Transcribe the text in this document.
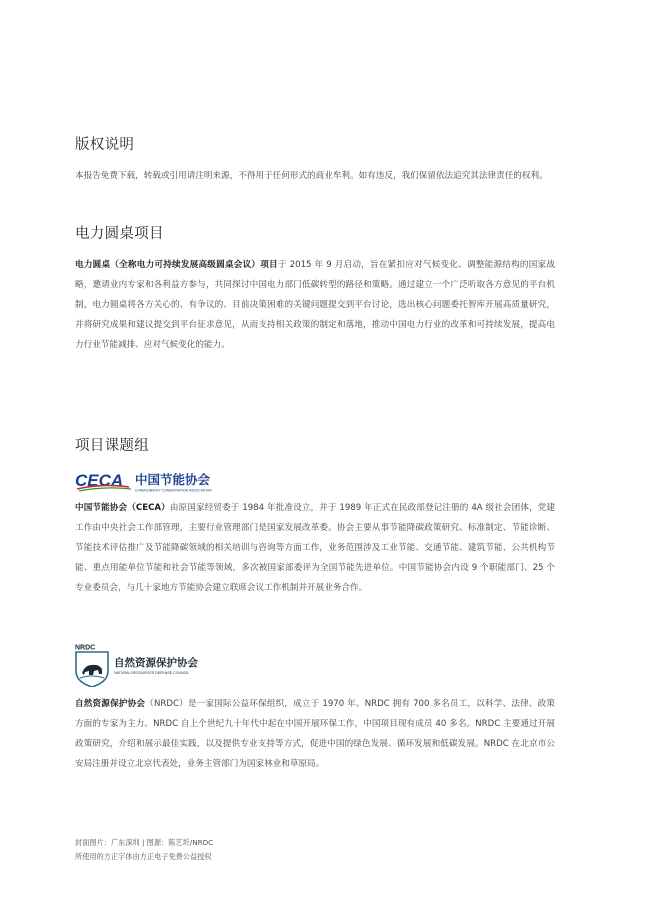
版权说明

本报告免费下载，转载或引用请注明来源，不得用于任何形式的商业牟利。如有违反，我们保留依法追究其法律责任的权利。

电力圆桌项目

电力圆桌（全称电力可持续发展高级圆桌会议）项目于 2015 年 9 月启动，旨在紧扣应对气候变化、调整能源结构的国家战略，邀请业内专家和各利益方参与，共同探讨中国电力部门低碳转型的路径和策略。通过建立一个广泛听取各方意见的平台机制，电力圆桌将各方关心的、有争议的、目前决策困难的关键问题提交到平台讨论，选出核心问题委托智库开展高质量研究，并将研究成果和建议提交到平台征求意见，从而支持相关政策的制定和落地，推动中国电力行业的改革和可持续发展，提高电力行业节能减排、应对气候变化的能力。

项目课题组
CECA 中国节能协会
CHINA ENERGY CONSERVATION ASSOCIATION

中国节能协会（CECA）由原国家经贸委于 1984 年批准设立，并于 1989 年正式在民政部登记注册的 4A 级社会团体，党建工作由中央社会工作部管理，主要行业管理部门是国家发展改革委。协会主要从事节能降碳政策研究、标准制定、节能诊断、节能技术评估推广及节能降碳领域的相关培训与咨询等方面工作，业务范围涉及工业节能、交通节能、建筑节能、公共机构节能、重点用能单位节能和社会节能等领域，多次被国家部委评为全国节能先进单位。中国节能协会内设 9 个职能部门、25 个专业委员会，与几十家地方节能协会建立联席会议工作机制并开展业务合作。

NRDC
自然资源保护协会
NATURAL RESOURCES DEFENSE COUNCIL

自然资源保护协会（NRDC）是一家国际公益环保组织，成立于 1970 年。NRDC 拥有 700 多名员工，以科学、法律、政策方面的专家为主力。NRDC 自上个世纪九十年代中起在中国开展环保工作，中国项目现有成员 40 多名。NRDC 主要通过开展政策研究，介绍和展示最佳实践，以及提供专业支持等方式，促进中国的绿色发展、循环发展和低碳发展。NRDC 在北京市公安局注册并设立北京代表处，业务主管部门为国家林业和草原局。

封面图片：广东深圳 | 图源：陈艺圻/NRDC
所使用的方正字体由方正电子免费公益授权
